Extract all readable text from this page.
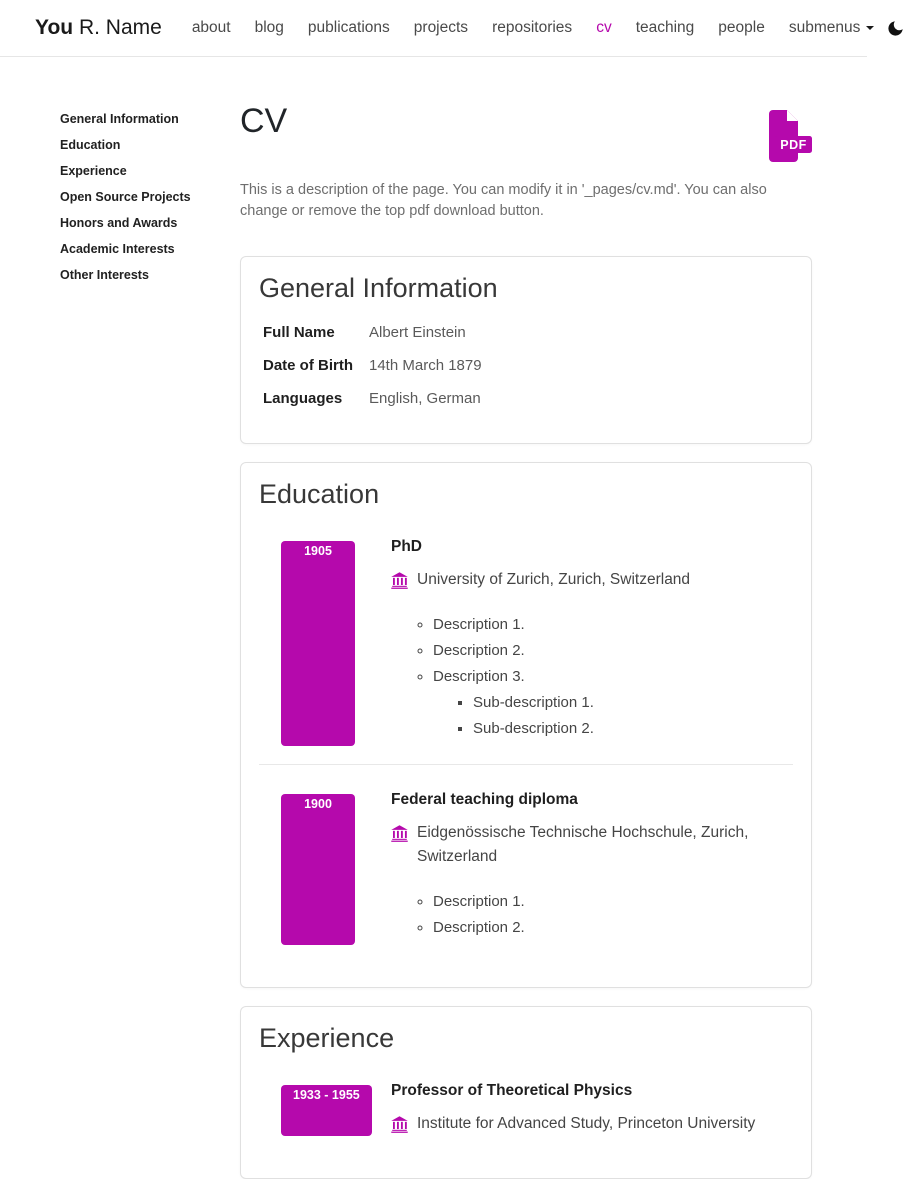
You R. Name	about	blog	publications	projects	repositories	cv	teaching	people	submenus
General Information
Education
Experience
Open Source Projects
Honors and Awards
Academic Interests
Other Interests
CV
PDF

This is a description of the page. You can modify it in '_pages/cv.md'. You can also change or remove the top pdf download button.

General Information
Full Name	Albert Einstein
Date of Birth	14th March 1879
Languages	English, German
Education
1905	PhD
University of Zurich, Zurich, Switzerland
◦ Description 1.
◦ Description 2.
◦ Description 3.
▪ Sub-description 1.
▪ Sub-description 2.
1900	Federal teaching diploma
Eidgenössische Technische Hochschule, Zurich, Switzerland
◦ Description 1.
◦ Description 2.
Experience
1933 - 1955	Professor of Theoretical Physics
Institute for Advanced Study, Princeton University
